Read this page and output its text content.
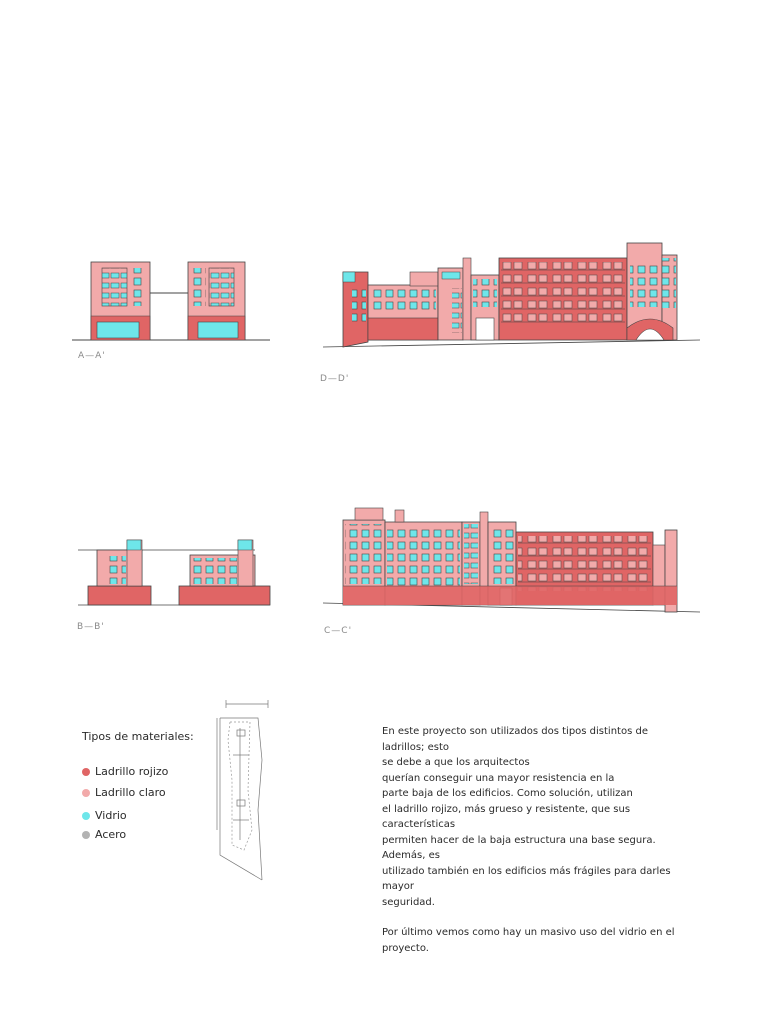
A—A'
D—D'
B—B'	C—C'
Tipos de materiales:
Ladrillo rojizo
Ladrillo claro
Vidrio
Acero

En este proyecto son utilizados dos tipos distintos de ladrillos; esto

se debe a que los arquitectos

querían conseguir una mayor resistencia en la

parte baja de los edificios. Como solución, utilizan

el ladrillo rojizo, más grueso y resistente, que sus características

permiten hacer de la baja estructura una base segura. Además, es

utilizado también en los edificios más frágiles para darles mayor

seguridad.

Por último vemos como hay un masivo uso del vidrio en el proyecto.
